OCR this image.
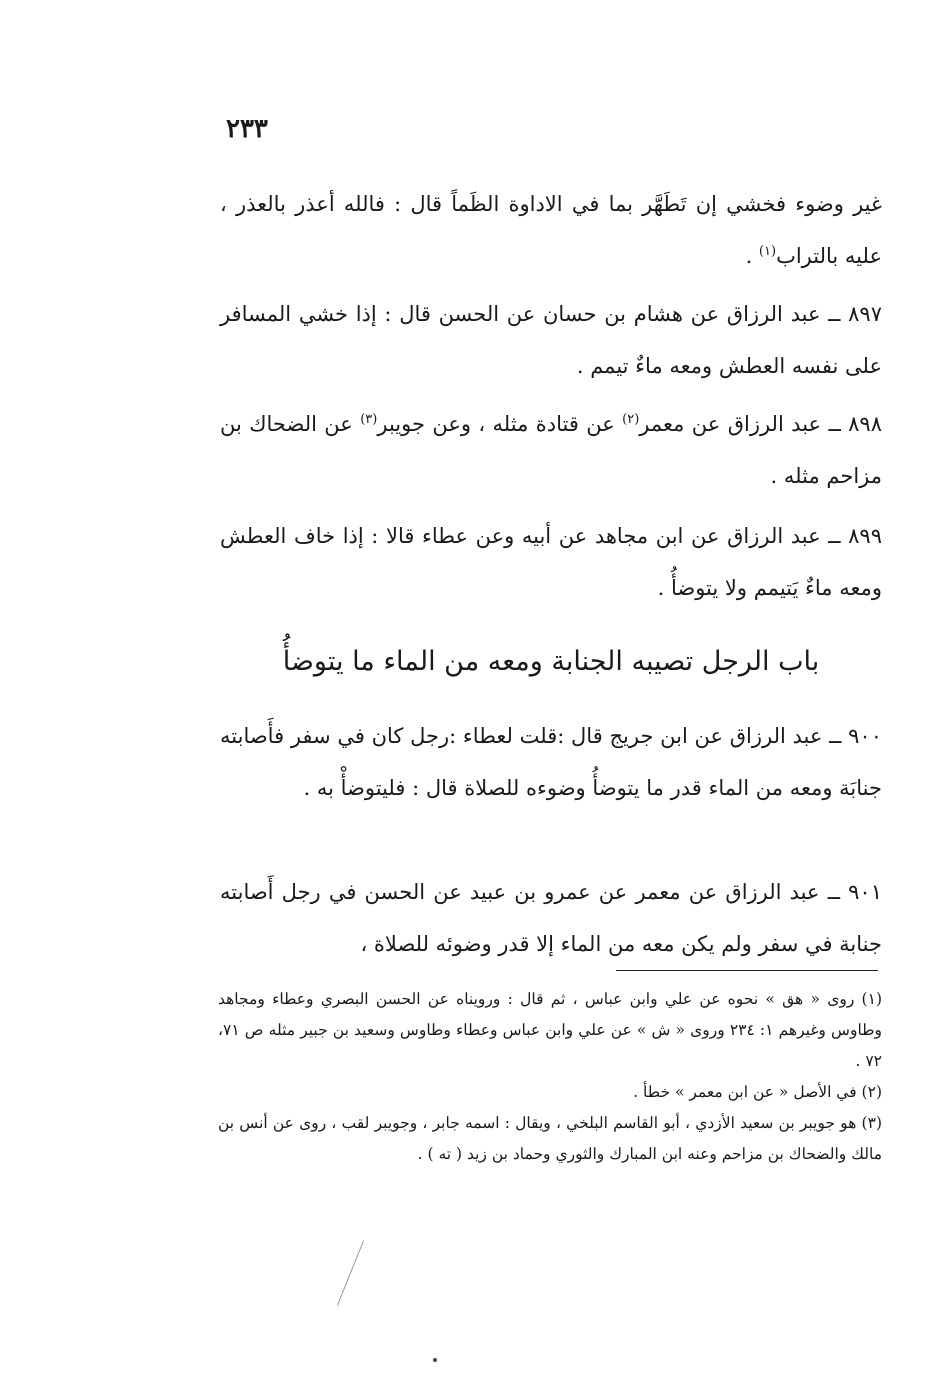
٢٣٣
غير وضوء فخشي إن تَطَهَّر بما في الاداوة الظَماً قال : فالله أعذر بالعذر ، عليه بالتراب$^{(١)}$ .
٨٩٧ ــ عبد الرزاق عن هشام بن حسان عن الحسن قال : إذا خشي المسافر على نفسه العطش ومعه ماءٌ تيمم .
٨٩٨ ــ عبد الرزاق عن معمر$^{(٢)}$ عن قتادة مثله ، وعن جويبر$^{(٣)}$ عن الضحاك بن مزاحم مثله .
٨٩٩ ــ عبد الرزاق عن ابن مجاهد عن أبيه وعن عطاء قالا : إذا خاف العطش ومعه ماءٌ يَتيمم ولا يتوضأُ .
باب الرجل تصيبه الجنابة ومعه من الماء ما يتوضأُ
٩٠٠ ــ عبد الرزاق عن ابن جريج قال :قلت لعطاء :رجل كان في سفر فأَصابته جنابَة ومعه من الماء قدر ما يتوضأُ وضوءه للصلاة قال : فليتوضأْ به .
٩٠١ ــ عبد الرزاق عن معمر عن عمرو بن عبيد عن الحسن في رجل أَصابته جنابة في سفر ولم يكن معه من الماء إلا قدر وضوئه للصلاة ،

(١) روى « هق » نحوه عن علي وابن عباس ، ثم قال : ورويناه عن الحسن البصري وعطاء ومجاهد وطاوس وغيرهم ١: ٢٣٤ وروى « ش » عن علي وابن عباس وعطاء وطاوس وسعيد بن جبير مثله ص ٧١، ٧٢ .

(٢) في الأصل « عن ابن معمر » خطأ .

(٣) هو جويبر بن سعيد الأزدي ، أبو القاسم البلخي ، ويقال : اسمه جابر ، وجويبر لقب ، روى عن أنس بن مالك والضحاك بن مزاحم وعنه ابن المبارك والثوري وحماد بن زيد ( ته ) .
